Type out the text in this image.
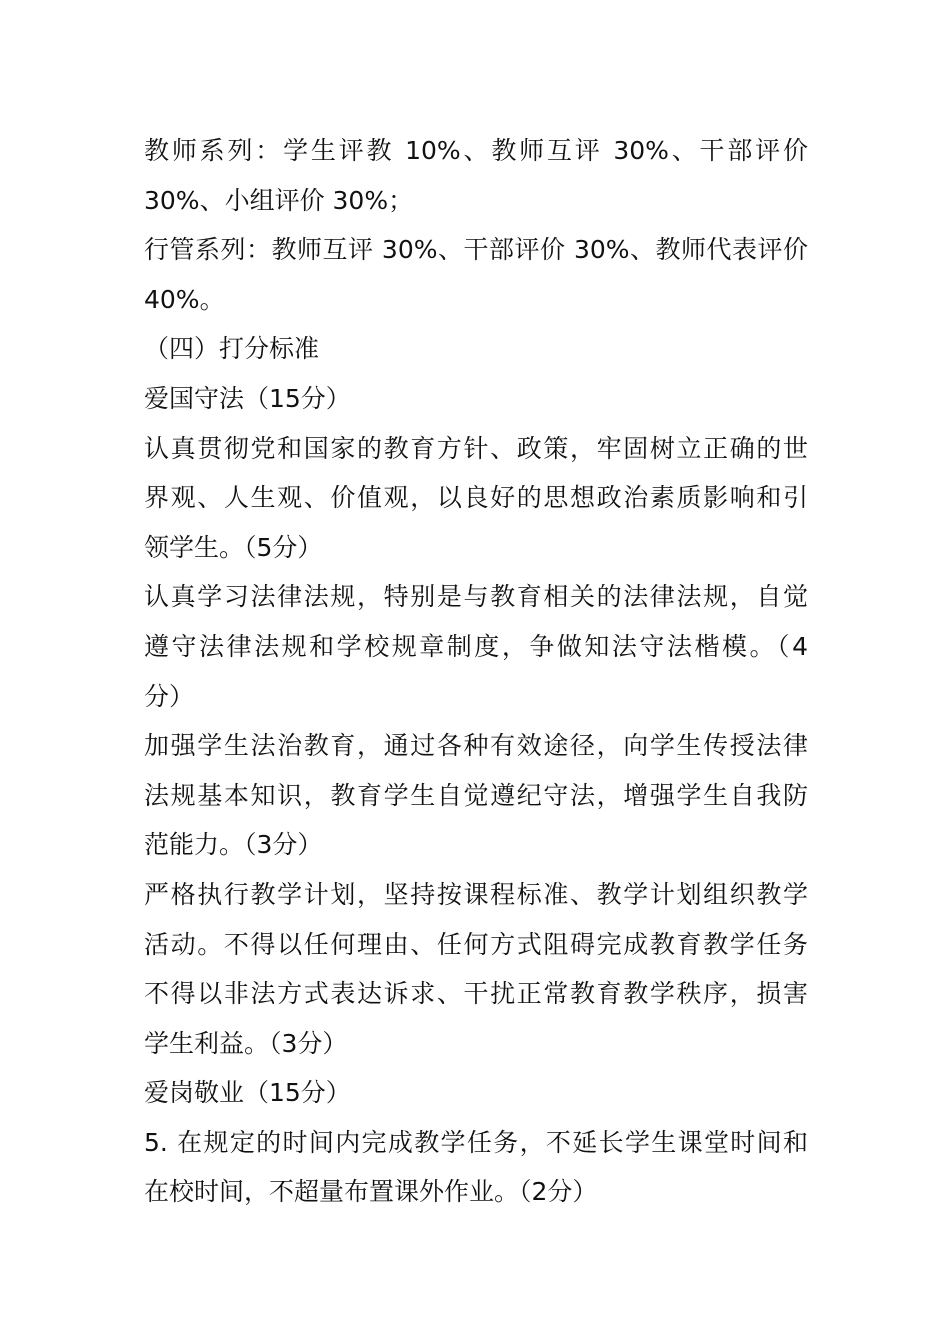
教师系列：学生评教 10%、教师互评 30%、干部评价
30%、小组评价 30%；
行管系列：教师互评 30%、干部评价 30%、教师代表评价
40%。
（四）打分标准
爱国守法（15分）
认真贯彻党和国家的教育方针、政策，牢固树立正确的世
界观、人生观、价值观，以良好的思想政治素质影响和引
领学生。（5分）
认真学习法律法规，特别是与教育相关的法律法规，自觉
遵守法律法规和学校规章制度，争做知法守法楷模。（4
分）
加强学生法治教育，通过各种有效途径，向学生传授法律
法规基本知识，教育学生自觉遵纪守法，增强学生自我防
范能力。（3分）
严格执行教学计划，坚持按课程标准、教学计划组织教学
活动。不得以任何理由、任何方式阻碍完成教育教学任务
不得以非法方式表达诉求、干扰正常教育教学秩序，损害
学生利益。（3分）
爱岗敬业（15分）
5. 在规定的时间内完成教学任务，不延长学生课堂时间和
在校时间，不超量布置课外作业。（2分）
